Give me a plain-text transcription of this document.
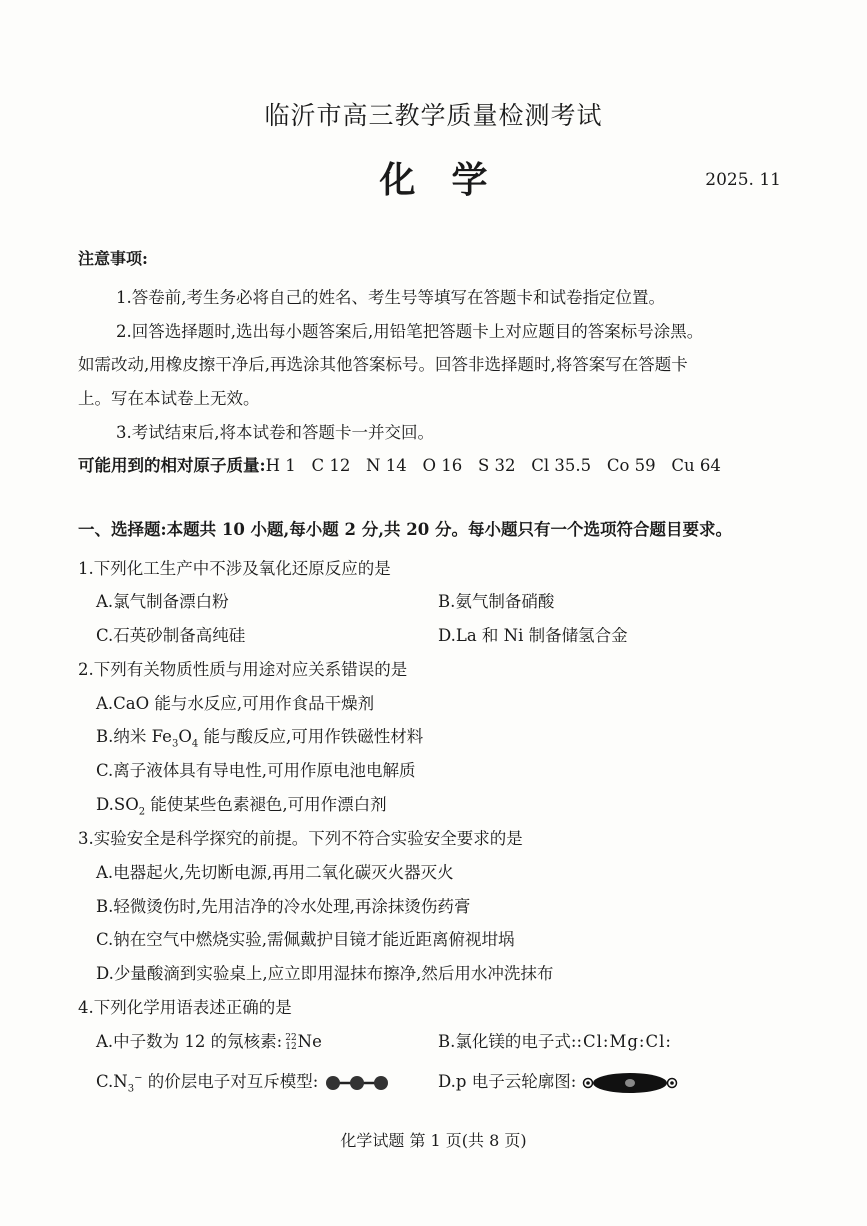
临沂市高三教学质量检测考试
化学	2025. 11
注意事项:
1.答卷前,考生务必将自己的姓名、考生号等填写在答题卡和试卷指定位置。
2.回答选择题时,选出每小题答案后,用铅笔把答题卡上对应题目的答案标号涂黑。
如需改动,用橡皮擦干净后,再选涂其他答案标号。回答非选择题时,将答案写在答题卡
上。写在本试卷上无效。
3.考试结束后,将本试卷和答题卡一并交回。
可能用到的相对原子质量:H 1   C 12   N 14   O 16   S 32   Cl 35.5   Co 59   Cu 64
一、选择题:本题共 10 小题,每小题 2 分,共 20 分。每小题只有一个选项符合题目要求。
1.下列化工生产中不涉及氧化还原反应的是
A.氯气制备漂白粉	B.氨气制备硝酸
C.石英砂制备高纯硅	D.La 和 Ni 制备储氢合金
2.下列有关物质性质与用途对应关系错误的是
A.CaO 能与水反应,可用作食品干燥剂
B.纳米 $Fe_3O_4$ 能与酸反应,可用作铁磁性材料
C.离子液体具有导电性,可用作原电池电解质
$D.SO_2$ 能使某些色素褪色,可用作漂白剂
3.实验安全是科学探究的前提。下列不符合实验安全要求的是
A.电器起火,先切断电源,再用二氧化碳灭火器灭火
B.轻微烫伤时,先用洁净的冷水处理,再涂抹烫伤药膏
C.钠在空气中燃烧实验,需佩戴护目镜才能近距离俯视坩埚
D.少量酸滴到实验桌上,应立即用湿抹布擦净,然后用水冲洗抹布
4.下列化学用语表述正确的是
A.中子数为 12 的氖核素: 22
12Ne	B.氯化镁的电子式::Cl:Mg:Cl:
$C.N_3^-$ 的价层电子对互斥模型:	D.p 电子云轮廓图:
化学试题 第 1 页(共 8 页)
